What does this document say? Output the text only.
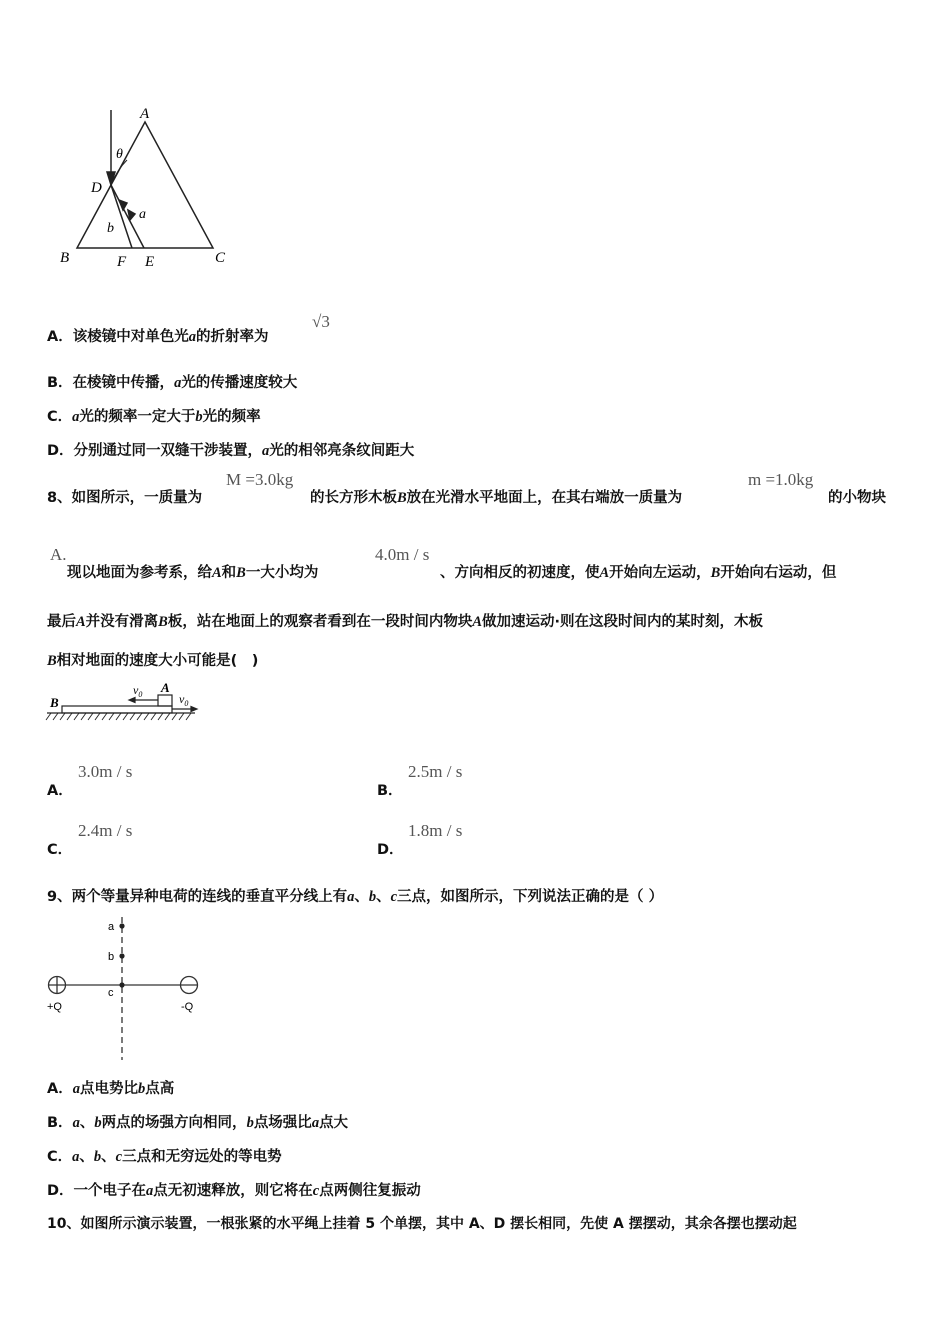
A
θ
D
a
b
B	F E	C
A．该棱镜中对单色光a的折射率为
√3
B．在棱镜中传播，a光的传播速度较大
C．a光的频率一定大于b光的频率
D．分别通过同一双缝干涉装置，a光的相邻亮条纹间距大
8、如图所示，一质量为
M =3.0kg
的长方形木板B放在光滑水平地面上，在其右端放一质量为
m =1.0kg
的小物块
A.
现以地面为参考系，给A和B一大小均为
4.0m / s
、方向相反的初速度，使A开始向左运动，B开始向右运动，但
最后A并没有滑离B板，站在地面上的观察者看到在一段时间内物块A做加速运动·则在这段时间内的某时刻，木板
B相对地面的速度大小可能是(　)
B
A
$v_0$	$v_0$
A．
3.0m / s
B．
2.5m / s
C．
2.4m / s
D．
1.8m / s
9、两个等量异种电荷的连线的垂直平分线上有a、b、c三点，如图所示，下列说法正确的是（ ）
a
b
c
+Q	-Q
A．a点电势比b点高
B．a、b两点的场强方向相同，b点场强比a点大
C．a、b、c三点和无穷远处的等电势
D．一个电子在a点无初速释放，则它将在c点两侧往复振动
10、如图所示演示装置，一根张紧的水平绳上挂着 5 个单摆，其中 A、D 摆长相同，先使 A 摆摆动，其余各摆也摆动起
